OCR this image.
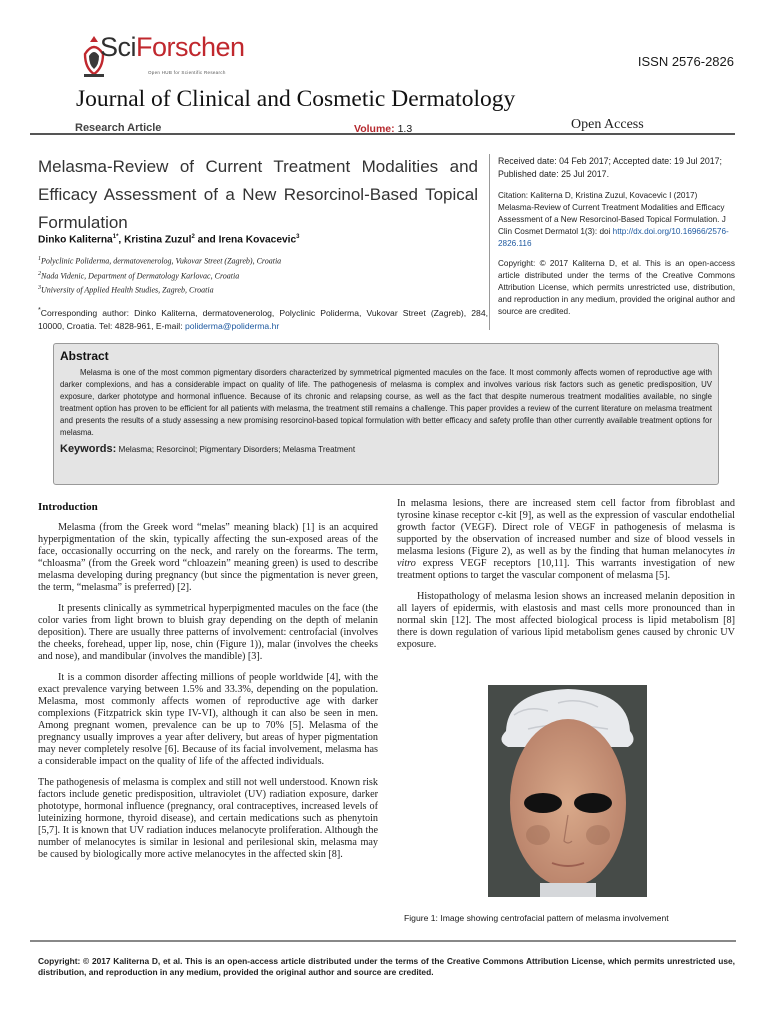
SciForschen
Open HUB for Scientific Research
ISSN 2576-2826
Journal of Clinical and Cosmetic Dermatology
Research Article	Volume: 1.3	Open Access
Melasma-Review of Current Treatment Modalities and Efficacy Assessment of a New Resorcinol-Based Topical Formulation
Dinko Kaliterna$^{1*}$, Kristina Zuzul$^2$ and Irena Kovacevic$^3$
$^1$Polyclinic Poliderma, dermatovenerolog, Vukovar Street (Zagreb), Croatia
$^2$Nada Videnic, Department of Dermatology Karlovac, Croatia
$^3$University of Applied Health Studies, Zagreb, Croatia
*Corresponding author: Dinko Kaliterna, dermatovenerolog, Polyclinic Poliderma, Vukovar Street (Zagreb), 284, 10000, Croatia. Tel: 4828-961, E-mail: poliderma@poliderma.hr
Received date: 04 Feb 2017; Accepted date: 19 Jul 2017; Published date: 25 Jul 2017.
Citation: Kaliterna D, Kristina Zuzul, Kovacevic I (2017) Melasma-Review of Current Treatment Modalities and Efficacy Assessment of a New Resorcinol-Based Topical Formulation. J Clin Cosmet Dermatol 1(3): doi http://dx.doi.org/10.16966/2576-2826.116
Copyright: © 2017 Kaliterna D, et al. This is an open-access article distributed under the terms of the Creative Commons Attribution License, which permits unrestricted use, distribution, and reproduction in any medium, provided the original author and source are credited.
Abstract
Melasma is one of the most common pigmentary disorders characterized by symmetrical pigmented macules on the face. It most commonly affects women of reproductive age with darker complexions, and has a considerable impact on quality of life. The pathogenesis of melasma is complex and involves various risk factors such as genetic predisposition, UV exposure, darker phototype and hormonal influence. Because of its chronic and relapsing course, as well as the fact that despite numerous treatment modalities available, no single treatment option has proven to be efficient for all patients with melasma, the treatment still remains a challenge. This paper provides a review of the current literature on melasma treatment and presents the results of a study assessing a new promising resorcinol-based topical formulation with better efficacy and safety profile than other currently available treatment options for melasma.
Keywords: Melasma; Resorcinol; Pigmentary Disorders; Melasma Treatment

Introduction

Melasma (from the Greek word “melas” meaning black) [1] is an acquired hyperpigmentation of the skin, typically affecting the sun-exposed areas of the face, occasionally occurring on the neck, and rarely on the forearms. The term, “chloasma” (from the Greek word “chloazein” meaning green) is used to describe melasma developing during pregnancy (but since the pigmentation is never green, the term, “melasma” is preferred) [2].

It presents clinically as symmetrical hyperpigmented macules on the face (the color varies from light brown to bluish gray depending on the depth of melanin deposition). There are usually three patterns of involvement: centrofacial (involves the cheeks, forehead, upper lip, nose, chin (Figure 1)), malar (involves the cheeks and nose), and mandibular (involves the mandible) [3].

It is a common disorder affecting millions of people worldwide [4], with the exact prevalence varying between 1.5% and 33.3%, depending on the population. Melasma, most commonly affects women of reproductive age with darker complexions (Fitzpatrick skin type IV-VI), although it can also be seen in men. Among pregnant women, prevalence can be up to 70% [5]. Melasma of the pregnancy usually improves a year after delivery, but areas of hyper pigmentation may never completely resolve [6]. Because of its facial involvement, melasma has a considerable impact on the quality of life of the affected individuals.

The pathogenesis of melasma is complex and still not well understood. Known risk factors include genetic predisposition, ultraviolet (UV) radiation exposure, darker phototype, hormonal influence (pregnancy, oral contraceptives, increased levels of luteinizing hormone, thyroid disease), and certain medications such as phenytoin [5,7]. It is known that UV radiation induces melanocyte proliferation. Although the number of melanocytes is similar in lesional and perilesional skin, melasma may be caused by biologically more active melanocytes in the affected skin [8].

In melasma lesions, there are increased stem cell factor from fibroblast and tyrosine kinase receptor c-kit [9], as well as the expression of vascular endothelial growth factor (VEGF). Direct role of VEGF in pathogenesis of melasma is supported by the observation of increased number and size of blood vessels in melasma lesions (Figure 2), as well as by the finding that human melanocytes in vitro express VEGF receptors [10,11]. This warrants investigation of new treatment options to target the vascular component of melasma [5].

Histopathology of melasma lesion shows an increased melanin deposition in all layers of epidermis, with elastosis and mast cells more pronounced than in normal skin [12]. The most affected biological process is lipid metabolism [8] there is down regulation of various lipid metabolism genes caused by chronic UV exposure.

Figure 1: Image showing centrofacial pattern of melasma involvement
Copyright: © 2017 Kaliterna D, et al. This is an open-access article distributed under the terms of the Creative Commons Attribution License, which permits unrestricted use, distribution, and reproduction in any medium, provided the original author and source are credited.
